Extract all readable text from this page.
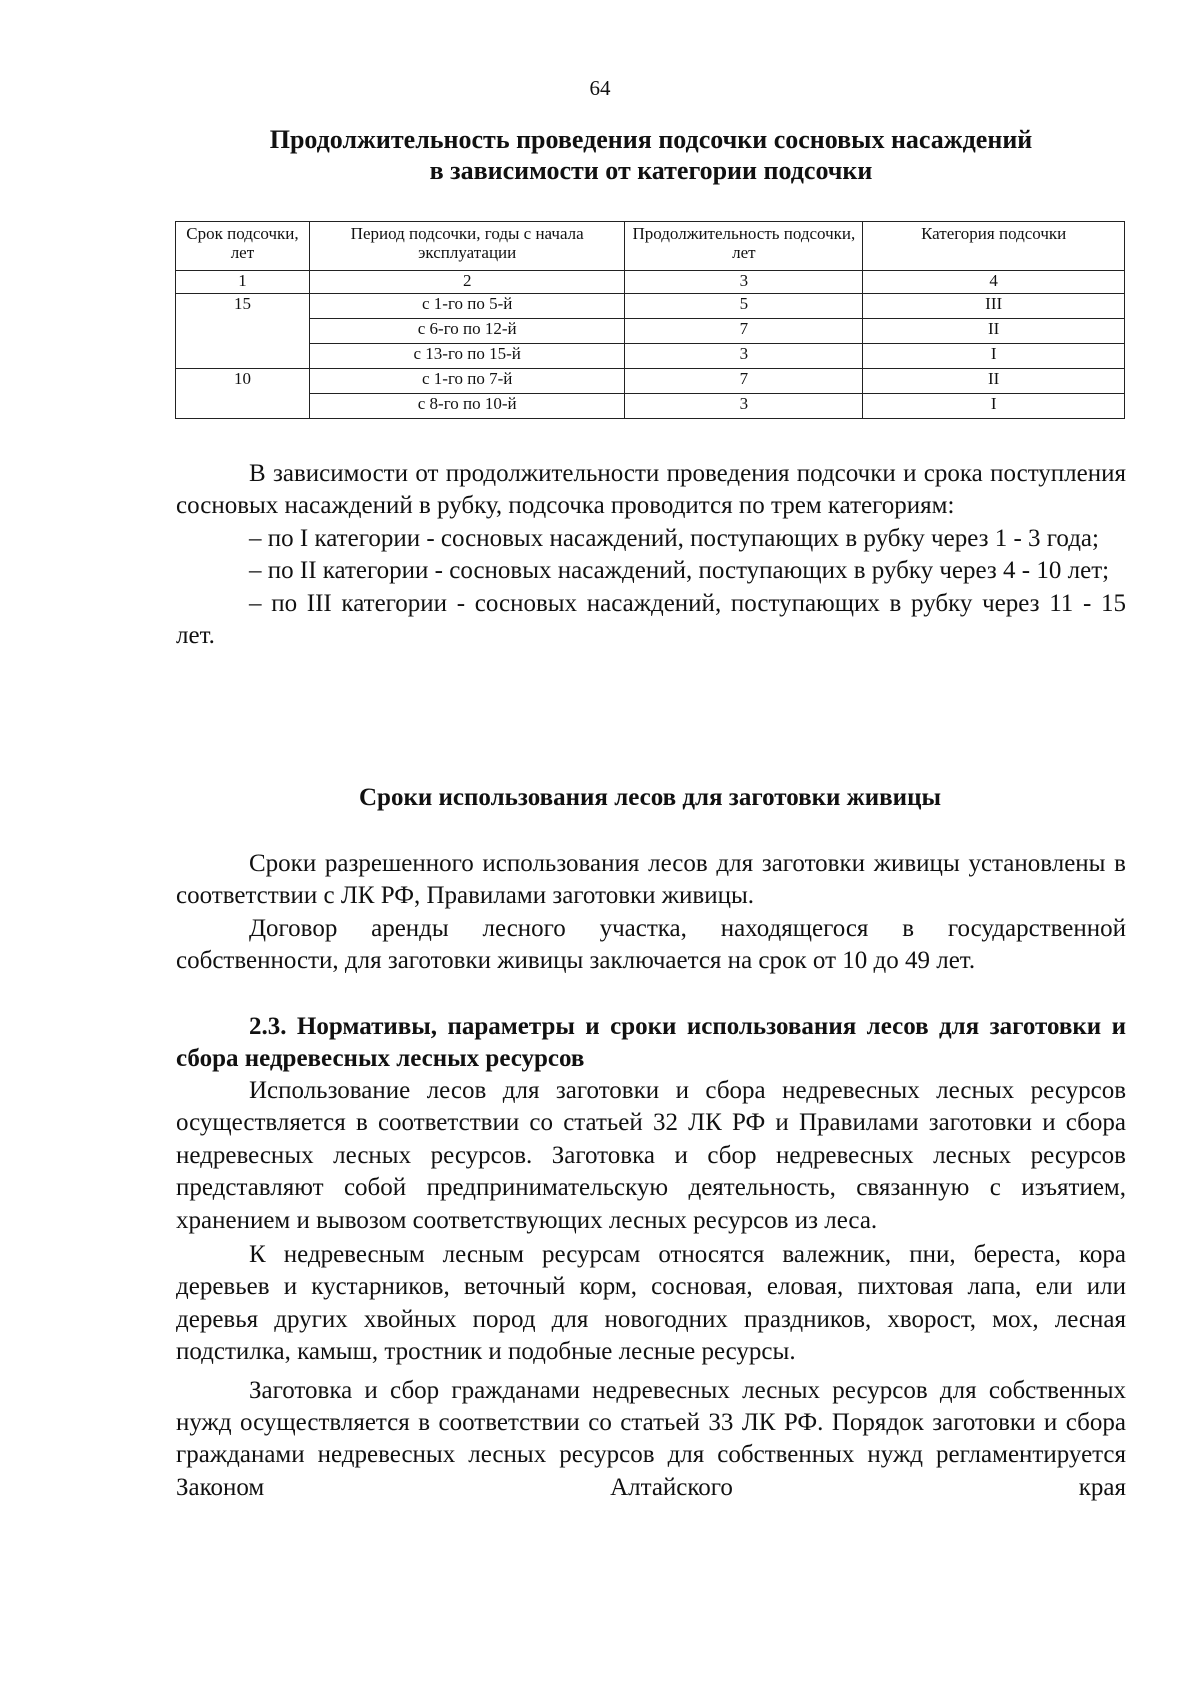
64
Продолжительность проведения подсочки сосновых насаждений
в зависимости от категории подсочки
Срок подсочки, лет	Период подсочки, годы с начала эксплуатации	Продолжительность подсочки, лет	Категория подсочки
1	2	3	4
15	с 1-го по 5-й	5	III
	с 6-го по 12-й	7	II
	с 13-го по 15-й	3	I
10	с 1-го по 7-й	7	II
	с 8-го по 10-й	3	I

В зависимости от продолжительности проведения подсочки и срока поступления сосновых насаждений в рубку, подсочка проводится по трем категориям:

– по I категории - сосновых насаждений, поступающих в рубку через 1 - 3 года;

– по II категории - сосновых насаждений, поступающих в рубку через 4 - 10 лет;

– по III категории - сосновых насаждений, поступающих в рубку через 11 - 15 лет.

Сроки использования лесов для заготовки живицы

Сроки разрешенного использования лесов для заготовки живицы установлены в соответствии с ЛК РФ, Правилами заготовки живицы.

Договор аренды лесного участка, находящегося в государственной собственности, для заготовки живицы заключается на срок от 10 до 49 лет.

2.3. Нормативы, параметры и сроки использования лесов для заготовки и сбора недревесных лесных ресурсов

Использование лесов для заготовки и сбора недревесных лесных ресурсов осуществляется в соответствии со статьей 32 ЛК РФ и Правилами заготовки и сбора недревесных лесных ресурсов. Заготовка и сбор недревесных лесных ресурсов представляют собой предпринимательскую деятельность, связанную с изъятием, хранением и вывозом соответствующих лесных ресурсов из леса.

К недревесным лесным ресурсам относятся валежник, пни, береста, кора деревьев и кустарников, веточный корм, сосновая, еловая, пихтовая лапа, ели или деревья других хвойных пород для новогодних праздников, хворост, мох, лесная подстилка, камыш, тростник и подобные лесные ресурсы.

Заготовка и сбор гражданами недревесных лесных ресурсов для собственных нужд осуществляется в соответствии со статьей 33 ЛК РФ. Порядок заготовки и сбора гражданами недревесных лесных ресурсов для собственных нужд регламентируется Законом Алтайского края
